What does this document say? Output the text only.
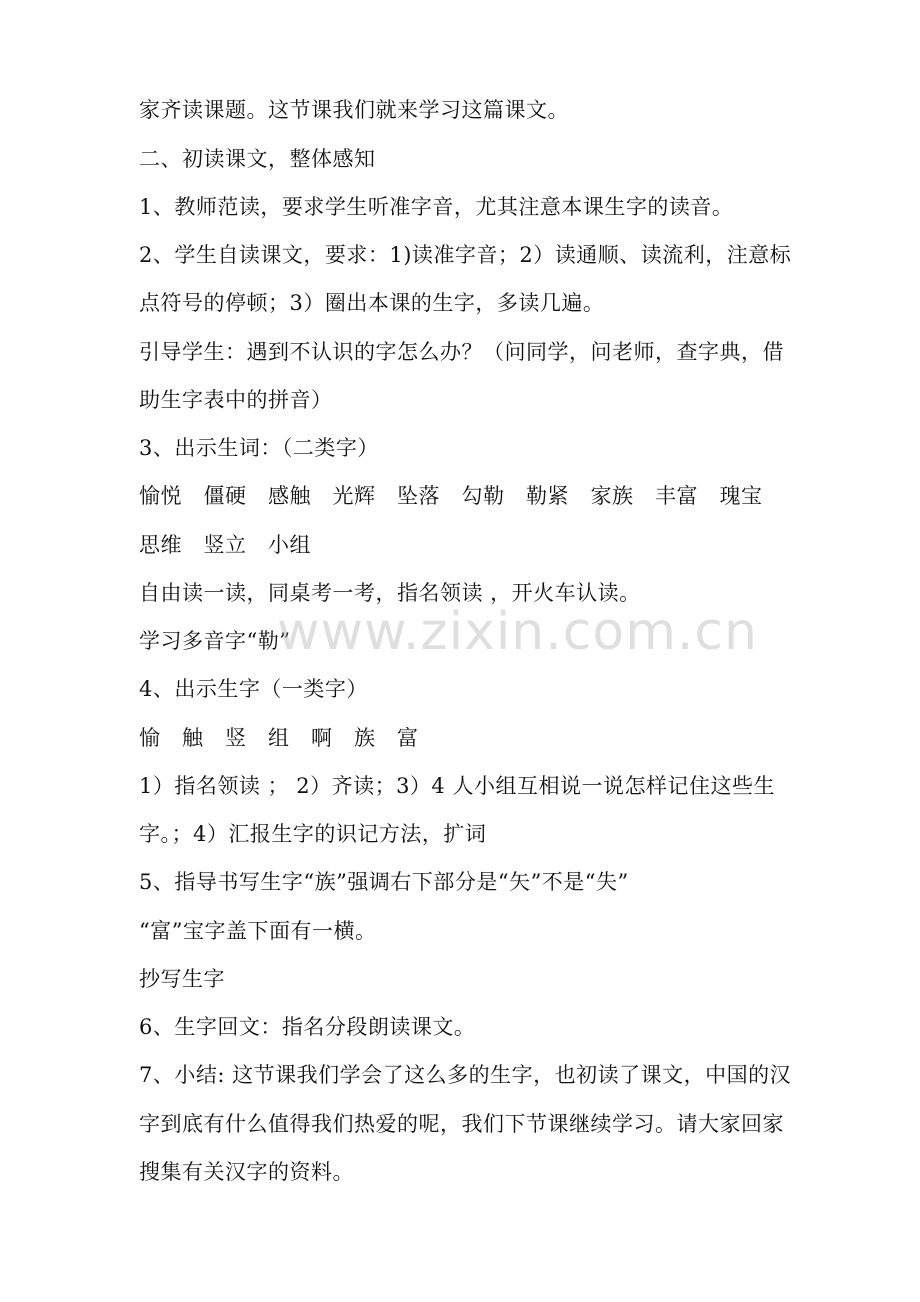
家齐读课题。这节课我们就来学习这篇课文。
二、初读课文，整体感知
1、教师范读，要求学生听准字音，尤其注意本课生字的读音。
2、学生自读课文，要求：1)读准字音；2）读通顺、读流利，注意标
点符号的停顿；3）圈出本课的生字，多读几遍。
引导学生：遇到不认识的字怎么办？（问同学，问老师，查字典，借
助生字表中的拼音）
3、出示生词：（二类字）
愉悦　僵硬　感触　光辉　坠落　勾勒　勒紧　家族　丰富　瑰宝
思维　竖立　小组
自由读一读，同桌考一考，指名领读 ，开火车认读。
学习多音字“勒”
4、出示生字（一类字）
愉　触　竖　组　啊　族　富
1）指名领读 ； 2）齐读；3）4 人小组互相说一说怎样记住这些生
字。；4）汇报生字的识记方法，扩词
5、指导书写生字“族”强调右下部分是“矢”不是“失”
“富”宝字盖下面有一横。
抄写生字
6、生字回文：指名分段朗读课文。
7、小结: 这节课我们学会了这么多的生字，也初读了课文，中国的汉
字到底有什么值得我们热爱的呢，我们下节课继续学习。请大家回家
搜集有关汉字的资料。
www.zixin.com.cn
